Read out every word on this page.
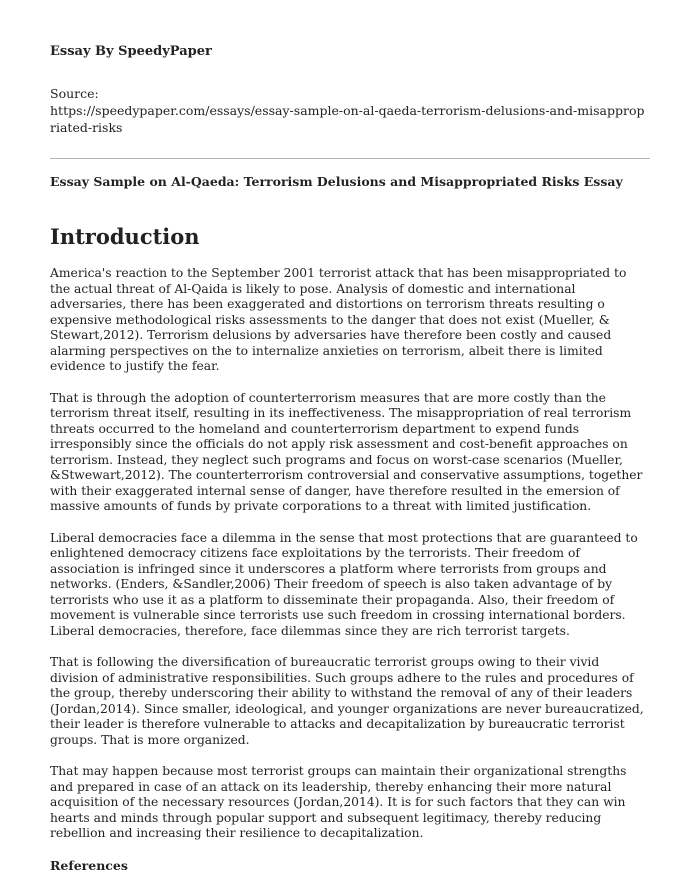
Essay By SpeedyPaper

Source:

https://speedypaper.com/essays/essay-sample-on-al-qaeda-terrorism-delusions-and-misappropriated-risks

Essay Sample on Al-Qaeda: Terrorism Delusions and Misappropriated Risks Essay

Introduction

America's reaction to the September 2001 terrorist attack that has been misappropriated to the actual threat of Al-Qaida is likely to pose. Analysis of domestic and international adversaries, there has been exaggerated and distortions on terrorism threats resulting o expensive methodological risks assessments to the danger that does not exist (Mueller, & Stewart,2012). Terrorism delusions by adversaries have therefore been costly and caused alarming perspectives on the to internalize anxieties on terrorism, albeit there is limited evidence to justify the fear.

That is through the adoption of counterterrorism measures that are more costly than the terrorism threat itself, resulting in its ineffectiveness. The misappropriation of real terrorism threats occurred to the homeland and counterterrorism department to expend funds irresponsibly since the officials do not apply risk assessment and cost-benefit approaches on terrorism. Instead, they neglect such programs and focus on worst-case scenarios (Mueller, &Stwewart,2012). The counterterrorism controversial and conservative assumptions, together with their exaggerated internal sense of danger, have therefore resulted in the emersion of massive amounts of funds by private corporations to a threat with limited justification.

Liberal democracies face a dilemma in the sense that most protections that are guaranteed to enlightened democracy citizens face exploitations by the terrorists. Their freedom of association is infringed since it underscores a platform where terrorists from groups and networks. (Enders, &Sandler,2006) Their freedom of speech is also taken advantage of by terrorists who use it as a platform to disseminate their propaganda. Also, their freedom of movement is vulnerable since terrorists use such freedom in crossing international borders. Liberal democracies, therefore, face dilemmas since they are rich terrorist targets.

That is following the diversification of bureaucratic terrorist groups owing to their vivid division of administrative responsibilities. Such groups adhere to the rules and procedures of the group, thereby underscoring their ability to withstand the removal of any of their leaders (Jordan,2014). Since smaller, ideological, and younger organizations are never bureaucratized, their leader is therefore vulnerable to attacks and decapitalization by bureaucratic terrorist groups. That is more organized.

That may happen because most terrorist groups can maintain their organizational strengths and prepared in case of an attack on its leadership, thereby enhancing their more natural acquisition of the necessary resources (Jordan,2014). It is for such factors that they can win hearts and minds through popular support and subsequent legitimacy, thereby reducing rebellion and increasing their resilience to decapitalization.

References
